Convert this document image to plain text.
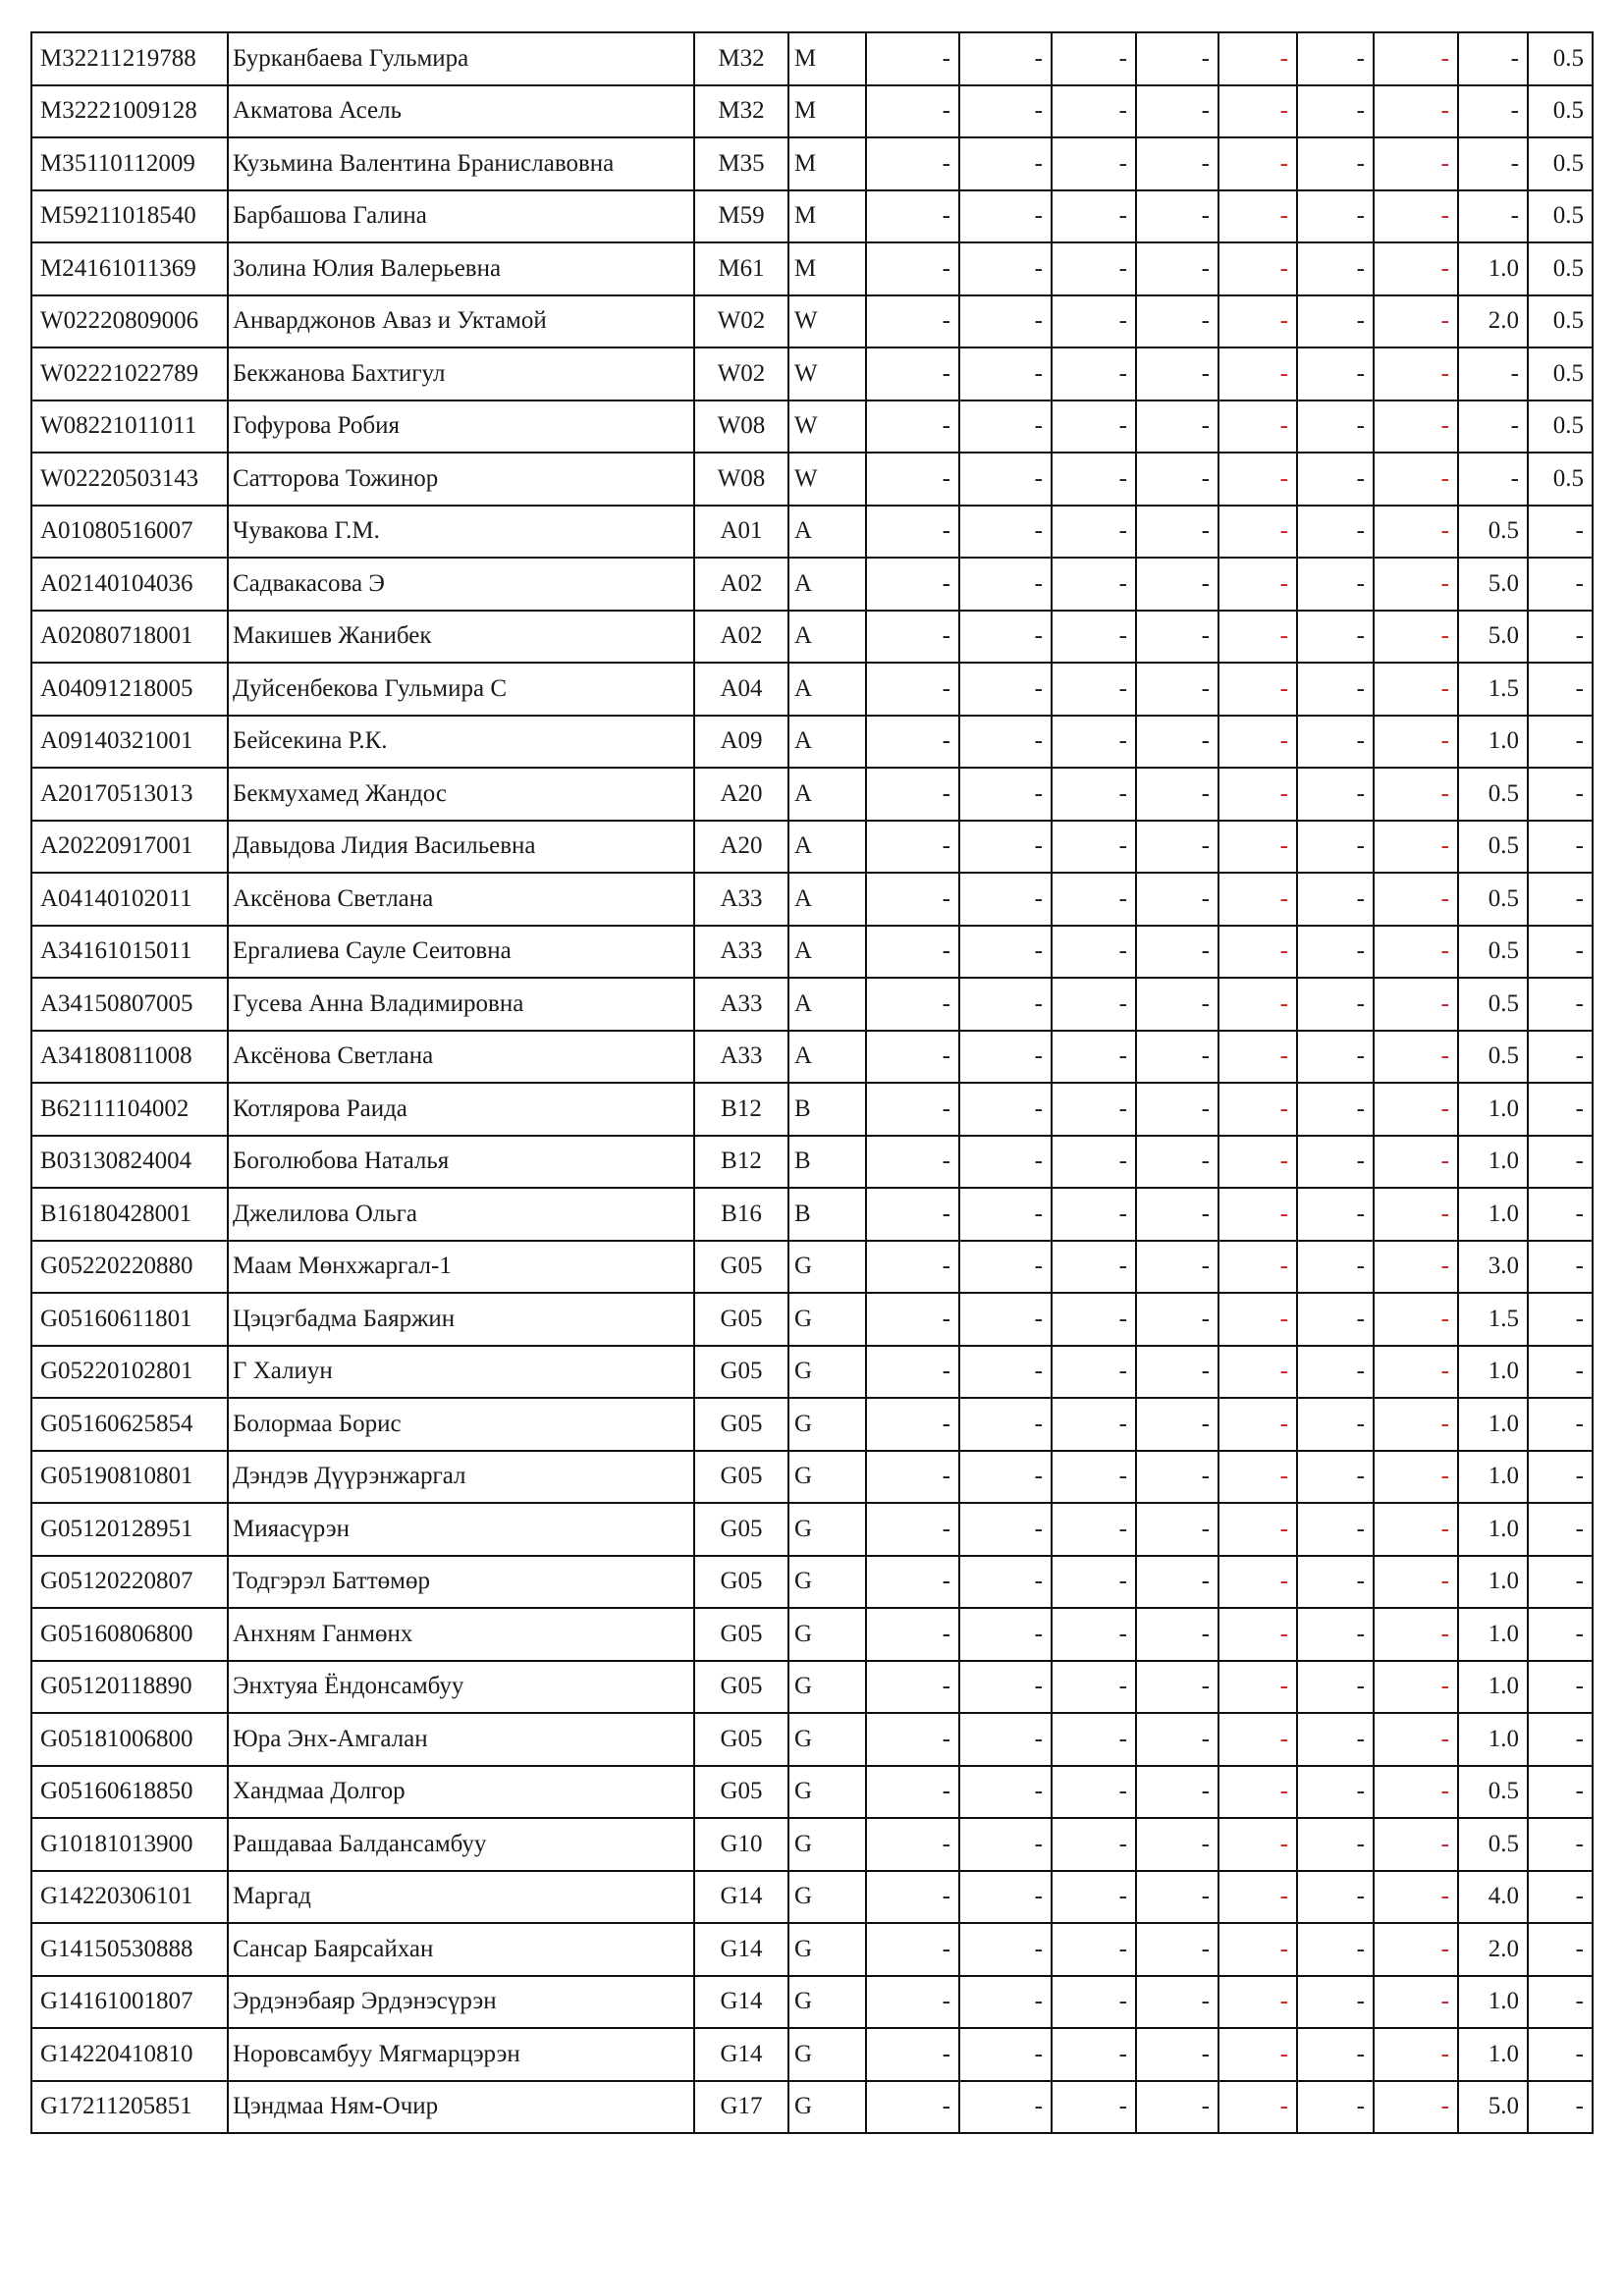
M32211219788	Бурканбаева Гульмира	M32	M	-	-	-	-	-	-	-	-	0.5
M32221009128	Акматова Асель	M32	M	-	-	-	-	-	-	-	-	0.5
M35110112009	Кузьмина Валентина Браниславовна	M35	M	-	-	-	-	-	-	-	-	0.5
M59211018540	Барбашова Галина	M59	M	-	-	-	-	-	-	-	-	0.5
M24161011369	Золина Юлия Валерьевна	M61	M	-	-	-	-	-	-	-	1.0	0.5
W02220809006	Анварджонов Аваз и Уктамой	W02	W	-	-	-	-	-	-	-	2.0	0.5
W02221022789	Бекжанова Бахтигул	W02	W	-	-	-	-	-	-	-	-	0.5
W08221011011	Гофурова Робия	W08	W	-	-	-	-	-	-	-	-	0.5
W02220503143	Сатторова Тожинор	W08	W	-	-	-	-	-	-	-	-	0.5
A01080516007	Чувакова Г.М.	A01	A	-	-	-	-	-	-	-	0.5	-
A02140104036	Садвакасова Э	A02	A	-	-	-	-	-	-	-	5.0	-
A02080718001	Макишев Жанибек	A02	A	-	-	-	-	-	-	-	5.0	-
A04091218005	Дуйсенбекова Гульмира С	A04	A	-	-	-	-	-	-	-	1.5	-
A09140321001	Бейсекина Р.К.	A09	A	-	-	-	-	-	-	-	1.0	-
A20170513013	Бекмухамед Жандос	A20	A	-	-	-	-	-	-	-	0.5	-
A20220917001	Давыдова Лидия Васильевна	A20	A	-	-	-	-	-	-	-	0.5	-
A04140102011	Аксёнова Светлана	A33	A	-	-	-	-	-	-	-	0.5	-
A34161015011	Ергалиева Сауле Сеитовна	A33	A	-	-	-	-	-	-	-	0.5	-
A34150807005	Гусева Анна Владимировна	A33	A	-	-	-	-	-	-	-	0.5	-
A34180811008	Аксёнова Светлана	A33	A	-	-	-	-	-	-	-	0.5	-
B62111104002	Котлярова Раида	B12	B	-	-	-	-	-	-	-	1.0	-
B03130824004	Боголюбова Наталья	B12	B	-	-	-	-	-	-	-	1.0	-
B16180428001	Джелилова Ольга	B16	B	-	-	-	-	-	-	-	1.0	-
G05220220880	Маам Мөнхжаргал-1	G05	G	-	-	-	-	-	-	-	3.0	-
G05160611801	Цэцэгбадма Баяржин	G05	G	-	-	-	-	-	-	-	1.5	-
G05220102801	Г Халиун	G05	G	-	-	-	-	-	-	-	1.0	-
G05160625854	Болормаа Борис	G05	G	-	-	-	-	-	-	-	1.0	-
G05190810801	Дэндэв Дүүрэнжаргал	G05	G	-	-	-	-	-	-	-	1.0	-
G05120128951	Мияасүрэн	G05	G	-	-	-	-	-	-	-	1.0	-
G05120220807	Тодгэрэл Баттөмөр	G05	G	-	-	-	-	-	-	-	1.0	-
G05160806800	Анхням Ганмөнх	G05	G	-	-	-	-	-	-	-	1.0	-
G05120118890	Энхтуяа Ёндонсамбуу	G05	G	-	-	-	-	-	-	-	1.0	-
G05181006800	Юра Энх-Амгалан	G05	G	-	-	-	-	-	-	-	1.0	-
G05160618850	Хандмаа Долгор	G05	G	-	-	-	-	-	-	-	0.5	-
G10181013900	Рашдаваа Балдансамбуу	G10	G	-	-	-	-	-	-	-	0.5	-
G14220306101	Маргад	G14	G	-	-	-	-	-	-	-	4.0	-
G14150530888	Сансар Баярсайхан	G14	G	-	-	-	-	-	-	-	2.0	-
G14161001807	Эрдэнэбаяр Эрдэнэсүрэн	G14	G	-	-	-	-	-	-	-	1.0	-
G14220410810	Норовсамбуу Мягмарцэрэн	G14	G	-	-	-	-	-	-	-	1.0	-
G17211205851	Цэндмаа Ням-Очир	G17	G	-	-	-	-	-	-	-	5.0	-
